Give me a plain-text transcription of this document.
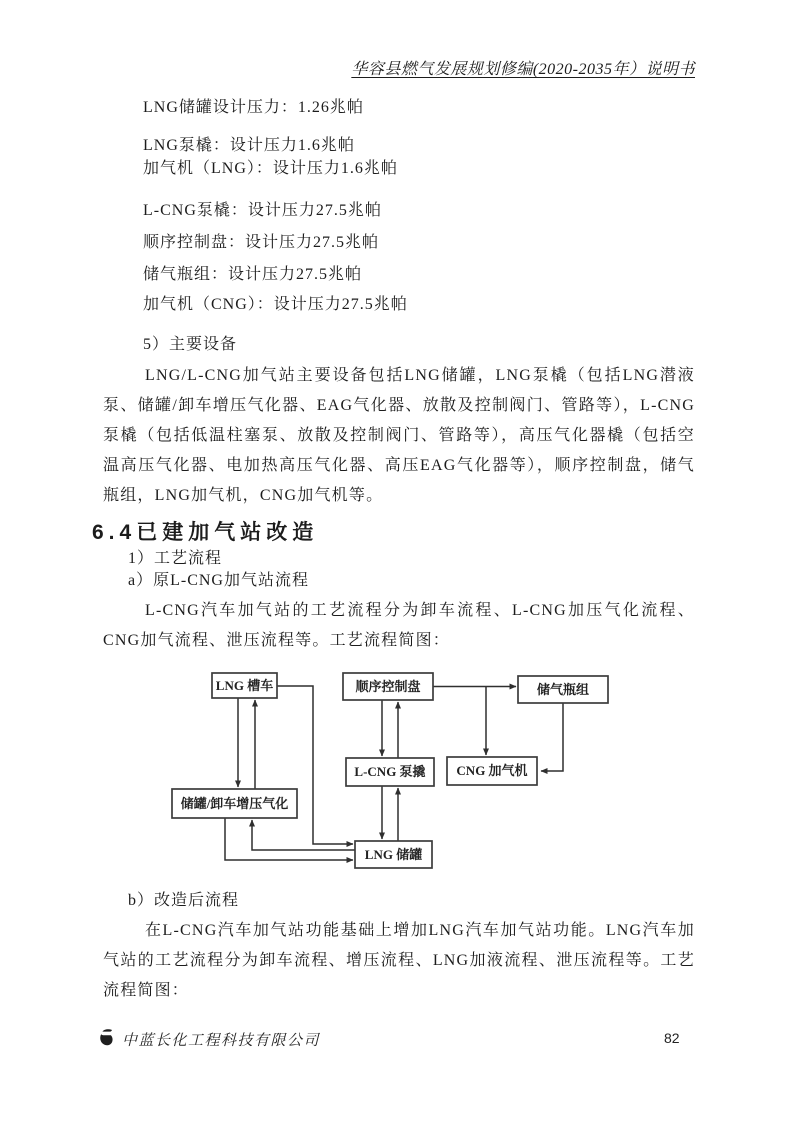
华容县燃气发展规划修编(2020-2035年）说明书
LNG储罐设计压力：1.26兆帕
LNG泵橇：设计压力1.6兆帕
加气机（LNG）：设计压力1.6兆帕
L-CNG泵橇：设计压力27.5兆帕
顺序控制盘：设计压力27.5兆帕
储气瓶组：设计压力27.5兆帕
加气机（CNG）：设计压力27.5兆帕
5）主要设备

LNG/L-CNG加气站主要设备包括LNG储罐，LNG泵橇（包括LNG潜液泵、储罐/卸车增压气化器、EAG气化器、放散及控制阀门、管路等），L-CNG泵橇（包括低温柱塞泵、放散及控制阀门、管路等），高压气化器橇（包括空温高压气化器、电加热高压气化器、高压EAG气化器等），顺序控制盘，储气瓶组，LNG加气机，CNG加气机等。

6.4已建加气站改造
1）工艺流程
a）原L-CNG加气站流程

L-CNG汽车加气站的工艺流程分为卸车流程、L-CNG加压气化流程、CNG加气流程、泄压流程等。工艺流程简图：

LNG 槽车	顺序控制盘	储气瓶组
L-CNG 泵撬 CNG 加气机
储罐/卸车增压气化
LNG 储罐
b）改造后流程

在L-CNG汽车加气站功能基础上增加LNG汽车加气站功能。LNG汽车加气站的工艺流程分为卸车流程、增压流程、LNG加液流程、泄压流程等。工艺流程简图：

中蓝长化工程科技有限公司	82
